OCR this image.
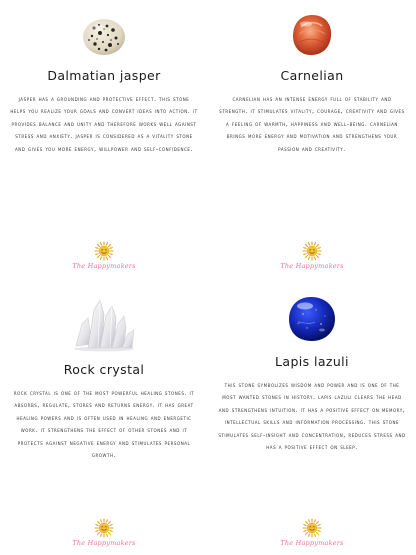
Dalmatian jasper
jasper has a grounding and protective effect. this stone helps you realize your goals and convert ideas into action. it provides balance and unity and therefore works well against stress and anxiety. jasper is considered as a vitality stone and gives you more energy, willpower and self-confidence.
Carnelian
carnelian has an intense energy full of stability and strength. it stimulates vitality, courage, creativity and gives a feeling of warmth, happiness and well-being. carnelian brings more energy and motivation and strengthens your passion and creativity.
Rock crystal
rock crystal is one of the most powerful healing stones. it absorbs, regulate, stores and returns energy. it has great healing powers and is often used in healing and energetic work. it strengthens the effect of other stones and it protects against negative energy and stimulates personal growth.
Lapis lazuli
this stone symbolizes wisdom and power and is one of the most wanted stones in history. lapis lazuli clears the head and strengthens intuition. it has a positive effect on memory, intellectual skills and information processing. this stone stimulates self-insight and concentration, reduces stress and has a positive effect on sleep.
The Happymakers	The Happymakers
The Happymakers	The Happymakers
